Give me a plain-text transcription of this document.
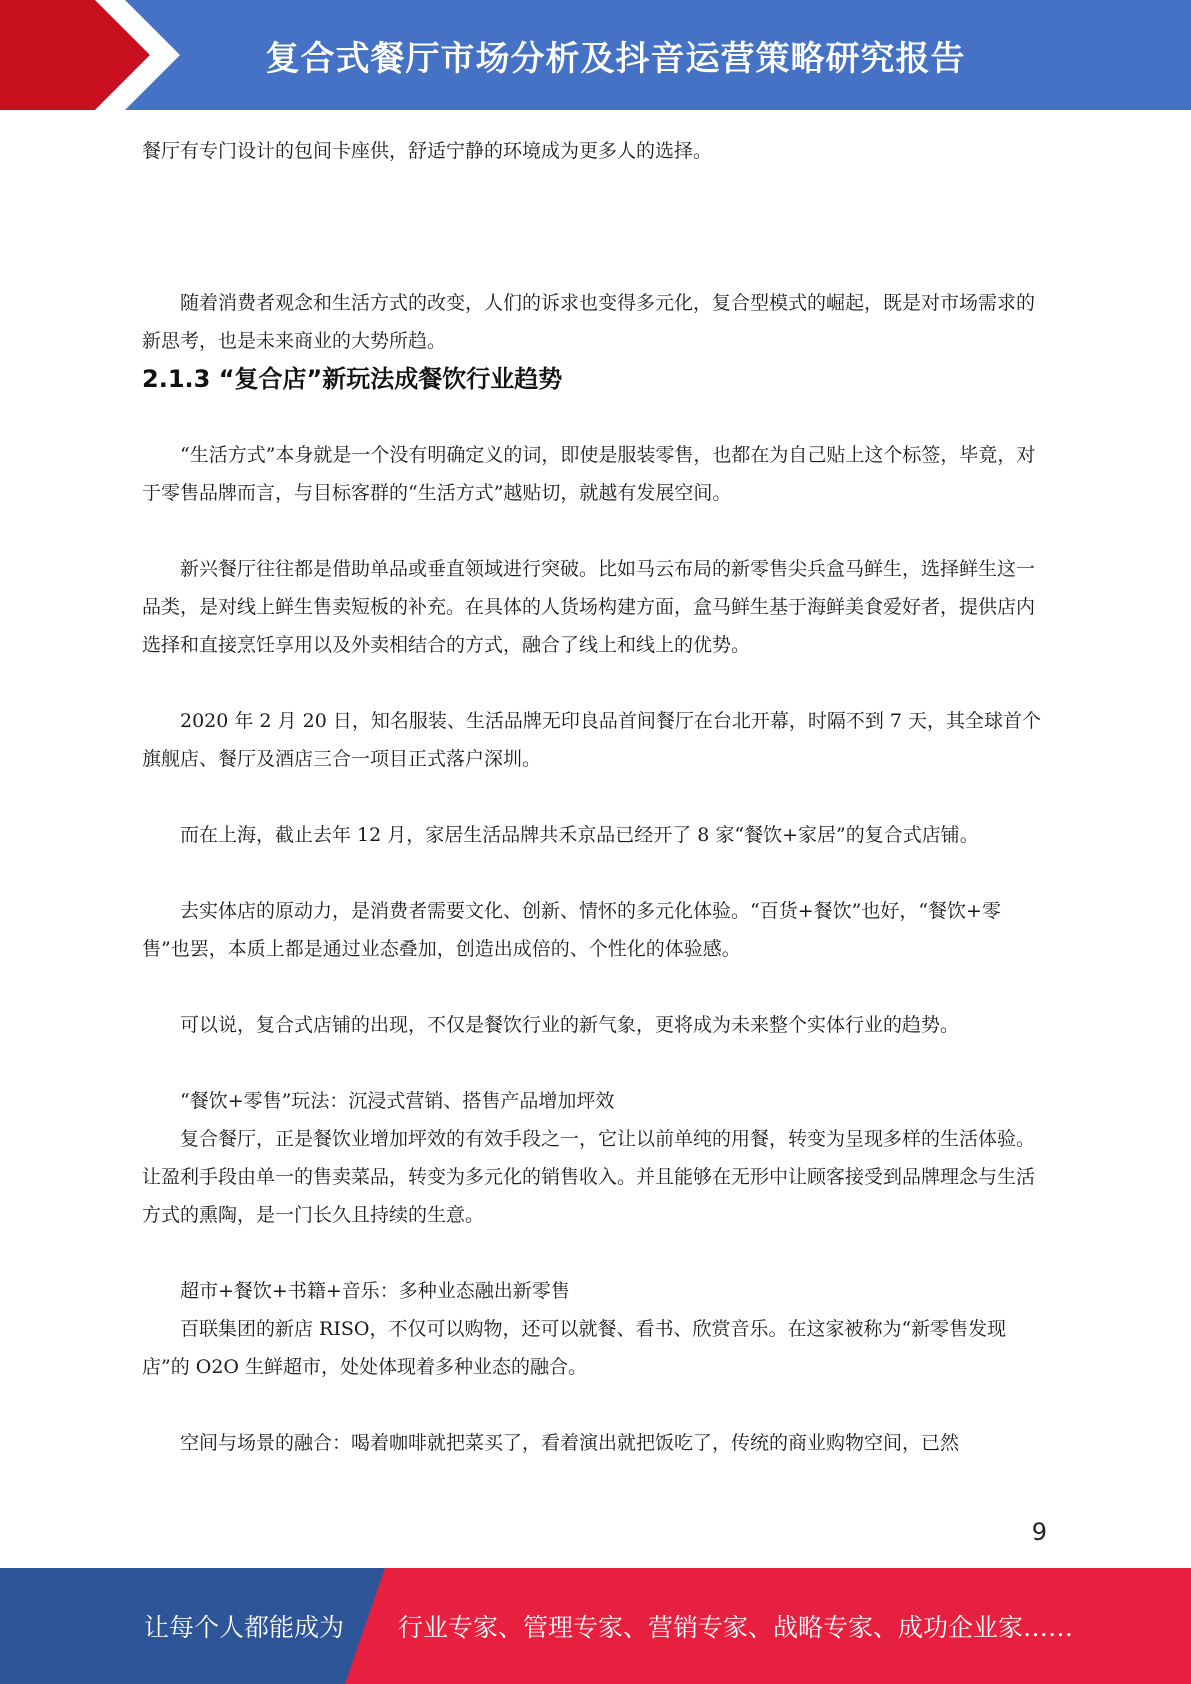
复合式餐厅市场分析及抖音运营策略研究报告

餐厅有专门设计的包间卡座供，舒适宁静的环境成为更多人的选择。

随着消费者观念和生活方式的改变，人们的诉求也变得多元化，复合型模式的崛起，既是对市场需求的新思考，也是未来商业的大势所趋。

2.1.3 “复合店”新玩法成餐饮行业趋势

“生活方式”本身就是一个没有明确定义的词，即使是服装零售，也都在为自己贴上这个标签，毕竟，对于零售品牌而言，与目标客群的“生活方式”越贴切，就越有发展空间。

新兴餐厅往往都是借助单品或垂直领域进行突破。比如马云布局的新零售尖兵盒马鲜生，选择鲜生这一品类，是对线上鲜生售卖短板的补充。在具体的人货场构建方面，盒马鲜生基于海鲜美食爱好者，提供店内选择和直接烹饪享用以及外卖相结合的方式，融合了线上和线上的优势。

2020 年 2 月 20 日，知名服装、生活品牌无印良品首间餐厅在台北开幕，时隔不到 7 天，其全球首个旗舰店、餐厅及酒店三合一项目正式落户深圳。

而在上海，截止去年 12 月，家居生活品牌共禾京品已经开了 8 家“餐饮+家居”的复合式店铺。

去实体店的原动力，是消费者需要文化、创新、情怀的多元化体验。“百货+餐饮”也好，“餐饮+零售”也罢，本质上都是通过业态叠加，创造出成倍的、个性化的体验感。

可以说，复合式店铺的出现，不仅是餐饮行业的新气象，更将成为未来整个实体行业的趋势。

“餐饮+零售”玩法：沉浸式营销、搭售产品增加坪效

复合餐厅，正是餐饮业增加坪效的有效手段之一，它让以前单纯的用餐，转变为呈现多样的生活体验。让盈利手段由单一的售卖菜品，转变为多元化的销售收入。并且能够在无形中让顾客接受到品牌理念与生活方式的熏陶，是一门长久且持续的生意。

超市+餐饮+书籍+音乐：多种业态融出新零售

百联集团的新店 RISO，不仅可以购物，还可以就餐、看书、欣赏音乐。在这家被称为“新零售发现店”的 O2O 生鲜超市，处处体现着多种业态的融合。

空间与场景的融合：喝着咖啡就把菜买了，看着演出就把饭吃了，传统的商业购物空间，已然

9
让每个人都能成为 行业专家、管理专家、营销专家、战略专家、成功企业家……
